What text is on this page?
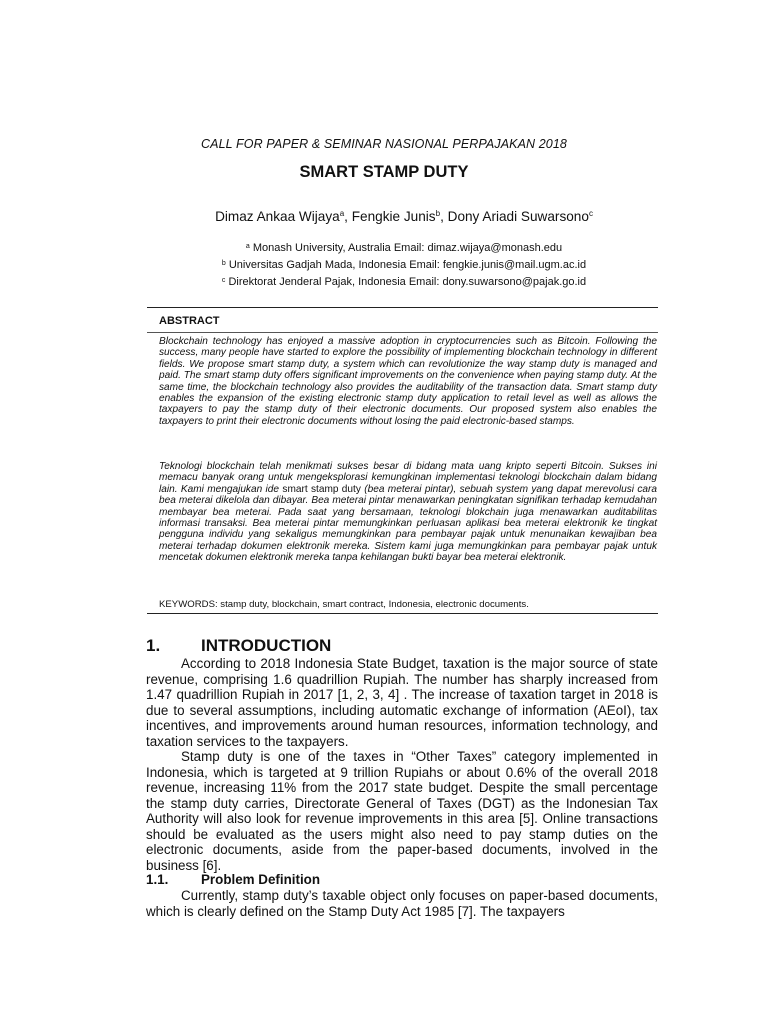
CALL FOR PAPER & SEMINAR NASIONAL PERPAJAKAN 2018
SMART STAMP DUTY
Dimaz Ankaa Wijaya$^a$, Fengkie Junis$^b$, Dony Ariadi Suwarsono$^c$
$^a$ Monash University, Australia Email: dimaz.wijaya@monash.edu
$^b$ Universitas Gadjah Mada, Indonesia Email: fengkie.junis@mail.ugm.ac.id
$^c$ Direktorat Jenderal Pajak, Indonesia Email: dony.suwarsono@pajak.go.id
ABSTRACT

Blockchain technology has enjoyed a massive adoption in cryptocurrencies such as Bitcoin. Following the success, many people have started to explore the possibility of implementing blockchain technology in different fields. We propose smart stamp duty, a system which can revolutionize the way stamp duty is managed and paid. The smart stamp duty offers significant improvements on the convenience when paying stamp duty. At the same time, the blockchain technology also provides the auditability of the transaction data. Smart stamp duty enables the expansion of the existing electronic stamp duty application to retail level as well as allows the taxpayers to pay the stamp duty of their electronic documents. Our proposed system also enables the taxpayers to print their electronic documents without losing the paid electronic-based stamps.

Teknologi blockchain telah menikmati sukses besar di bidang mata uang kripto seperti Bitcoin. Sukses ini memacu banyak orang untuk mengeksplorasi kemungkinan implementasi teknologi blockchain dalam bidang lain. Kami mengajukan ide smart stamp duty (bea meterai pintar), sebuah system yang dapat merevolusi cara bea meterai dikelola dan dibayar. Bea meterai pintar menawarkan peningkatan signifikan terhadap kemudahan membayar bea meterai. Pada saat yang bersamaan, teknologi blokchain juga menawarkan auditabilitas informasi transaksi. Bea meterai pintar memungkinkan perluasan aplikasi bea meterai elektronik ke tingkat pengguna individu yang sekaligus memungkinkan para pembayar pajak untuk menunaikan kewajiban bea meterai terhadap dokumen elektronik mereka. Sistem kami juga memungkinkan para pembayar pajak untuk mencetak dokumen elektronik mereka tanpa kehilangan bukti bayar bea meterai elektronik.

KEYWORDS: stamp duty, blockchain, smart contract, Indonesia, electronic documents.
1. INTRODUCTION

According to 2018 Indonesia State Budget, taxation is the major source of state revenue, comprising 1.6 quadrillion Rupiah. The number has sharply increased from 1.47 quadrillion Rupiah in 2017 [1, 2, 3, 4] . The increase of taxation target in 2018 is due to several assumptions, including automatic exchange of information (AEoI), tax incentives, and improvements around human resources, information technology, and taxation services to the taxpayers.

Stamp duty is one of the taxes in “Other Taxes” category implemented in Indonesia, which is targeted at 9 trillion Rupiahs or about 0.6% of the overall 2018 revenue, increasing 11% from the 2017 state budget. Despite the small percentage the stamp duty carries, Directorate General of Taxes (DGT) as the Indonesian Tax Authority will also look for revenue improvements in this area [5]. Online transactions should be evaluated as the users might also need to pay stamp duties on the electronic documents, aside from the paper-based documents, involved in the business [6].

1.1. Problem Definition

Currently, stamp duty’s taxable object only focuses on paper-based documents, which is clearly defined on the Stamp Duty Act 1985 [7]. The taxpayers
